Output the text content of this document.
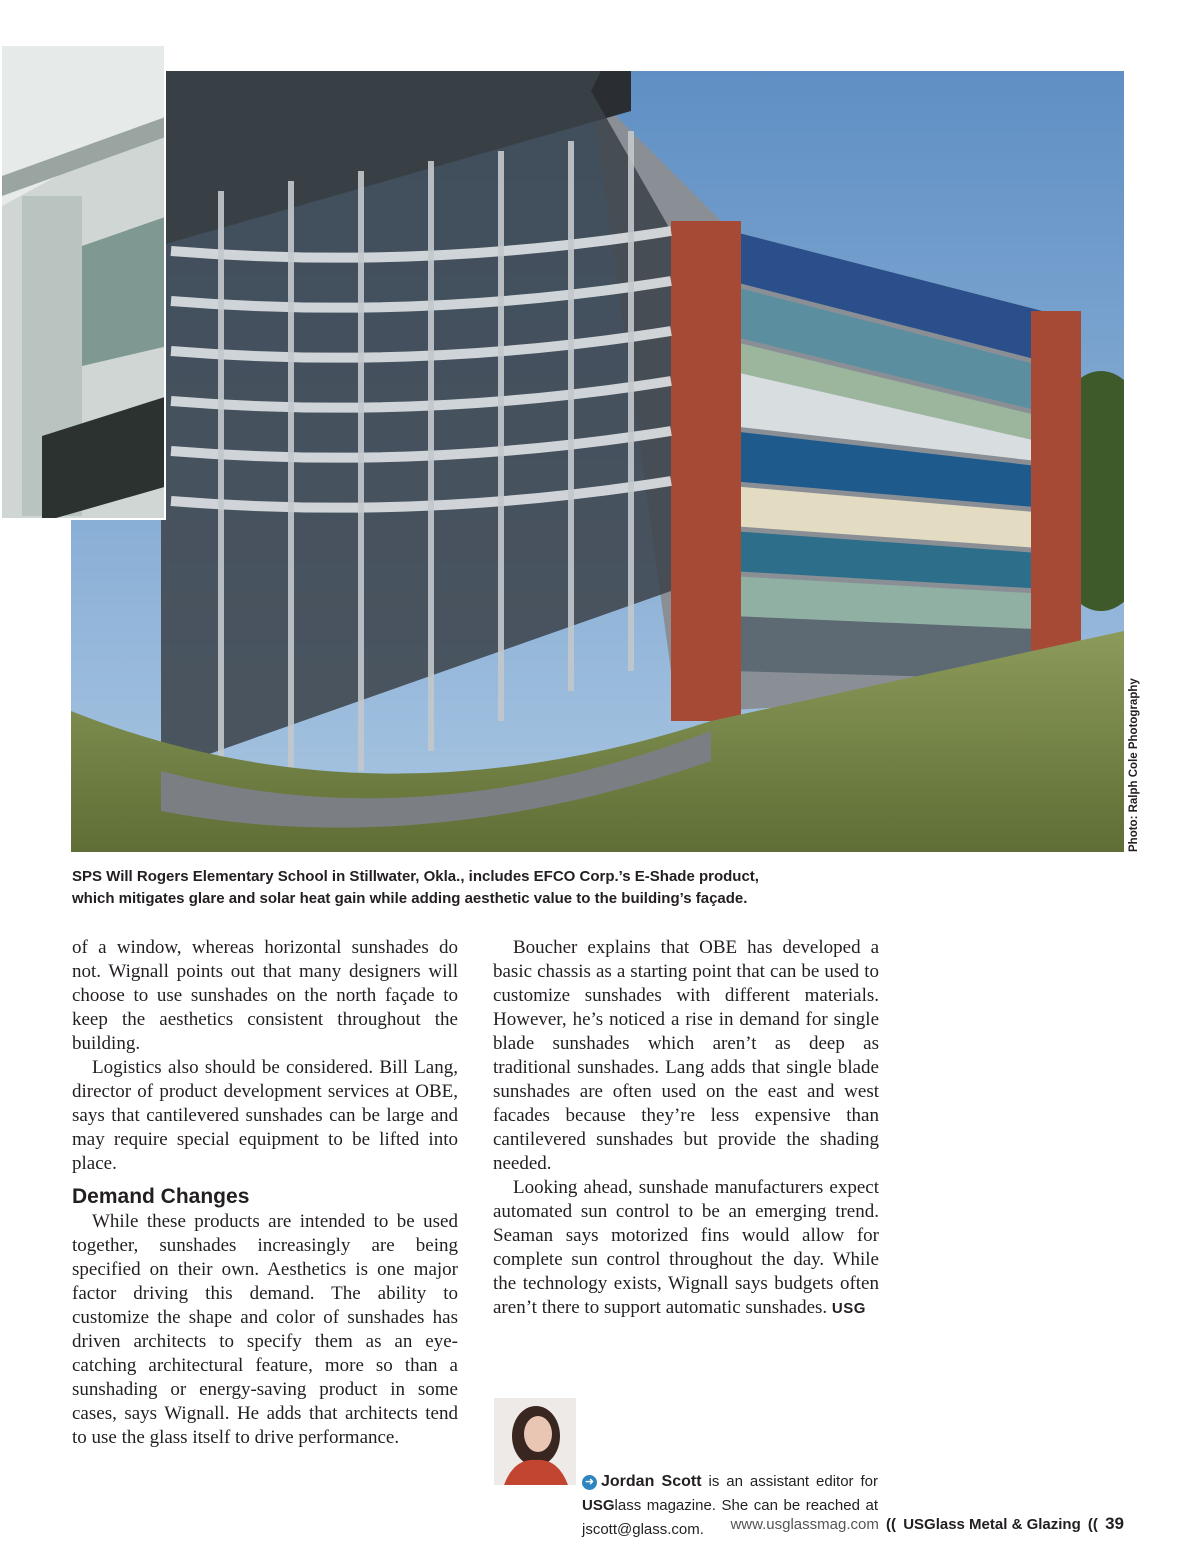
Photo: Ralph Cole Photography

SPS Will Rogers Elementary School in Stillwater, Okla., includes EFCO Corp.’s E-Shade product,

which mitigates glare and solar heat gain while adding aesthetic value to the building’s façade.

of a window, whereas horizontal sunshades do not. Wignall points out that many designers will choose to use sunshades on the north façade to keep the aesthetics consistent throughout the building.

Logistics also should be considered. Bill Lang, director of product development services at OBE, says that cantilevered sunshades can be large and may require special equipment to be lifted into place.

Demand Changes

While these products are intended to be used together, sunshades increasingly are being specified on their own. Aesthetics is one major factor driving this demand. The ability to customize the shape and color of sunshades has driven architects to specify them as an eye-catching architectural feature, more so than a sunshading or energy-saving product in some cases, says Wignall. He adds that architects tend to use the glass itself to drive performance.

Boucher explains that OBE has developed a basic chassis as a starting point that can be used to customize sunshades with different materials. However, he’s noticed a rise in demand for single blade sunshades which aren’t as deep as traditional sunshades. Lang adds that single blade sunshades are often used on the east and west facades because they’re less expensive than cantilevered sunshades but provide the shading needed.

Looking ahead, sunshade manufacturers expect automated sun control to be an emerging trend. Seaman says motorized fins would allow for complete sun control throughout the day. While the technology exists, Wignall says budgets often aren’t there to support automatic sunshades. USG

➜ Jordan Scott is an assistant editor for USGlass magazine. She can be reached at jscott@glass.com.	www.usglassmag.com (( USGlass Metal & Glazing (( 39
